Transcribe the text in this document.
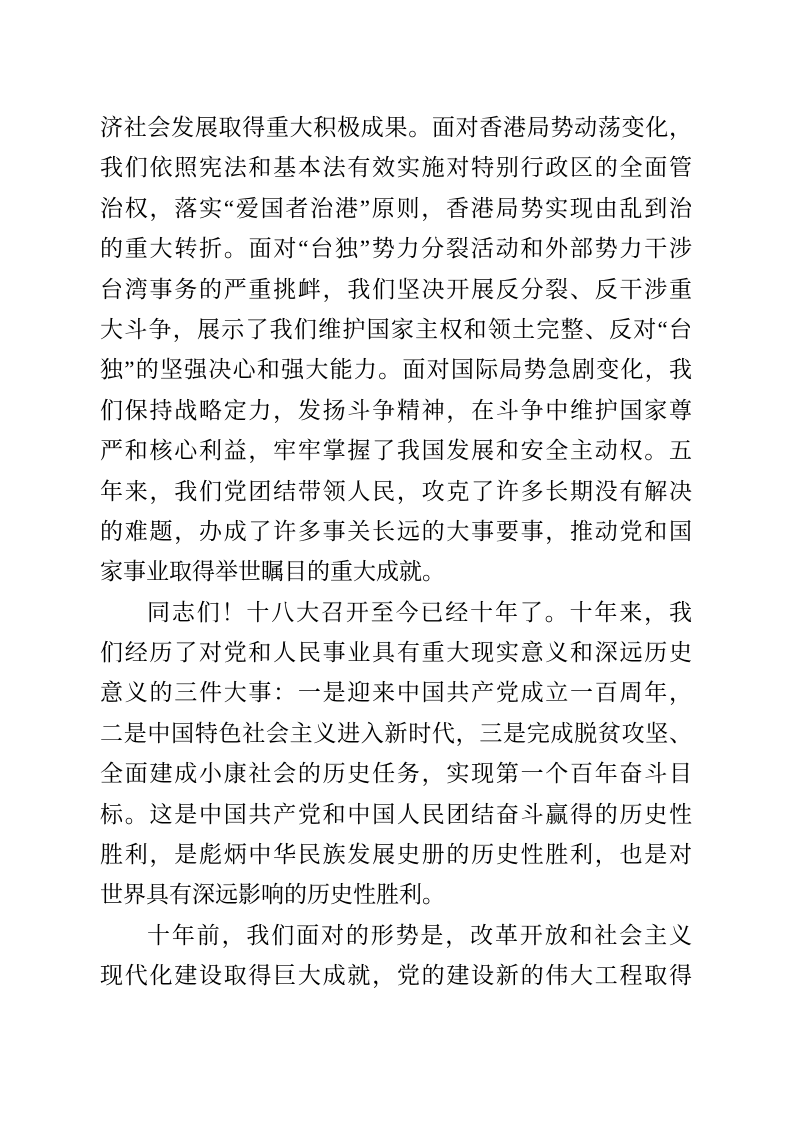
济社会发展取得重大积极成果。面对香港局势动荡变化，
我们依照宪法和基本法有效实施对特别行政区的全面管
治权，落实“爱国者治港”原则，香港局势实现由乱到治
的重大转折。面对“台独”势力分裂活动和外部势力干涉
台湾事务的严重挑衅，我们坚决开展反分裂、反干涉重
大斗争，展示了我们维护国家主权和领土完整、反对“台
独”的坚强决心和强大能力。面对国际局势急剧变化，我
们保持战略定力，发扬斗争精神，在斗争中维护国家尊
严和核心利益，牢牢掌握了我国发展和安全主动权。五
年来，我们党团结带领人民，攻克了许多长期没有解决
的难题，办成了许多事关长远的大事要事，推动党和国
家事业取得举世瞩目的重大成就。
同志们！十八大召开至今已经十年了。十年来，我
们经历了对党和人民事业具有重大现实意义和深远历史
意义的三件大事：一是迎来中国共产党成立一百周年，
二是中国特色社会主义进入新时代，三是完成脱贫攻坚、
全面建成小康社会的历史任务，实现第一个百年奋斗目
标。这是中国共产党和中国人民团结奋斗赢得的历史性
胜利，是彪炳中华民族发展史册的历史性胜利，也是对
世界具有深远影响的历史性胜利。
十年前，我们面对的形势是，改革开放和社会主义
现代化建设取得巨大成就，党的建设新的伟大工程取得
